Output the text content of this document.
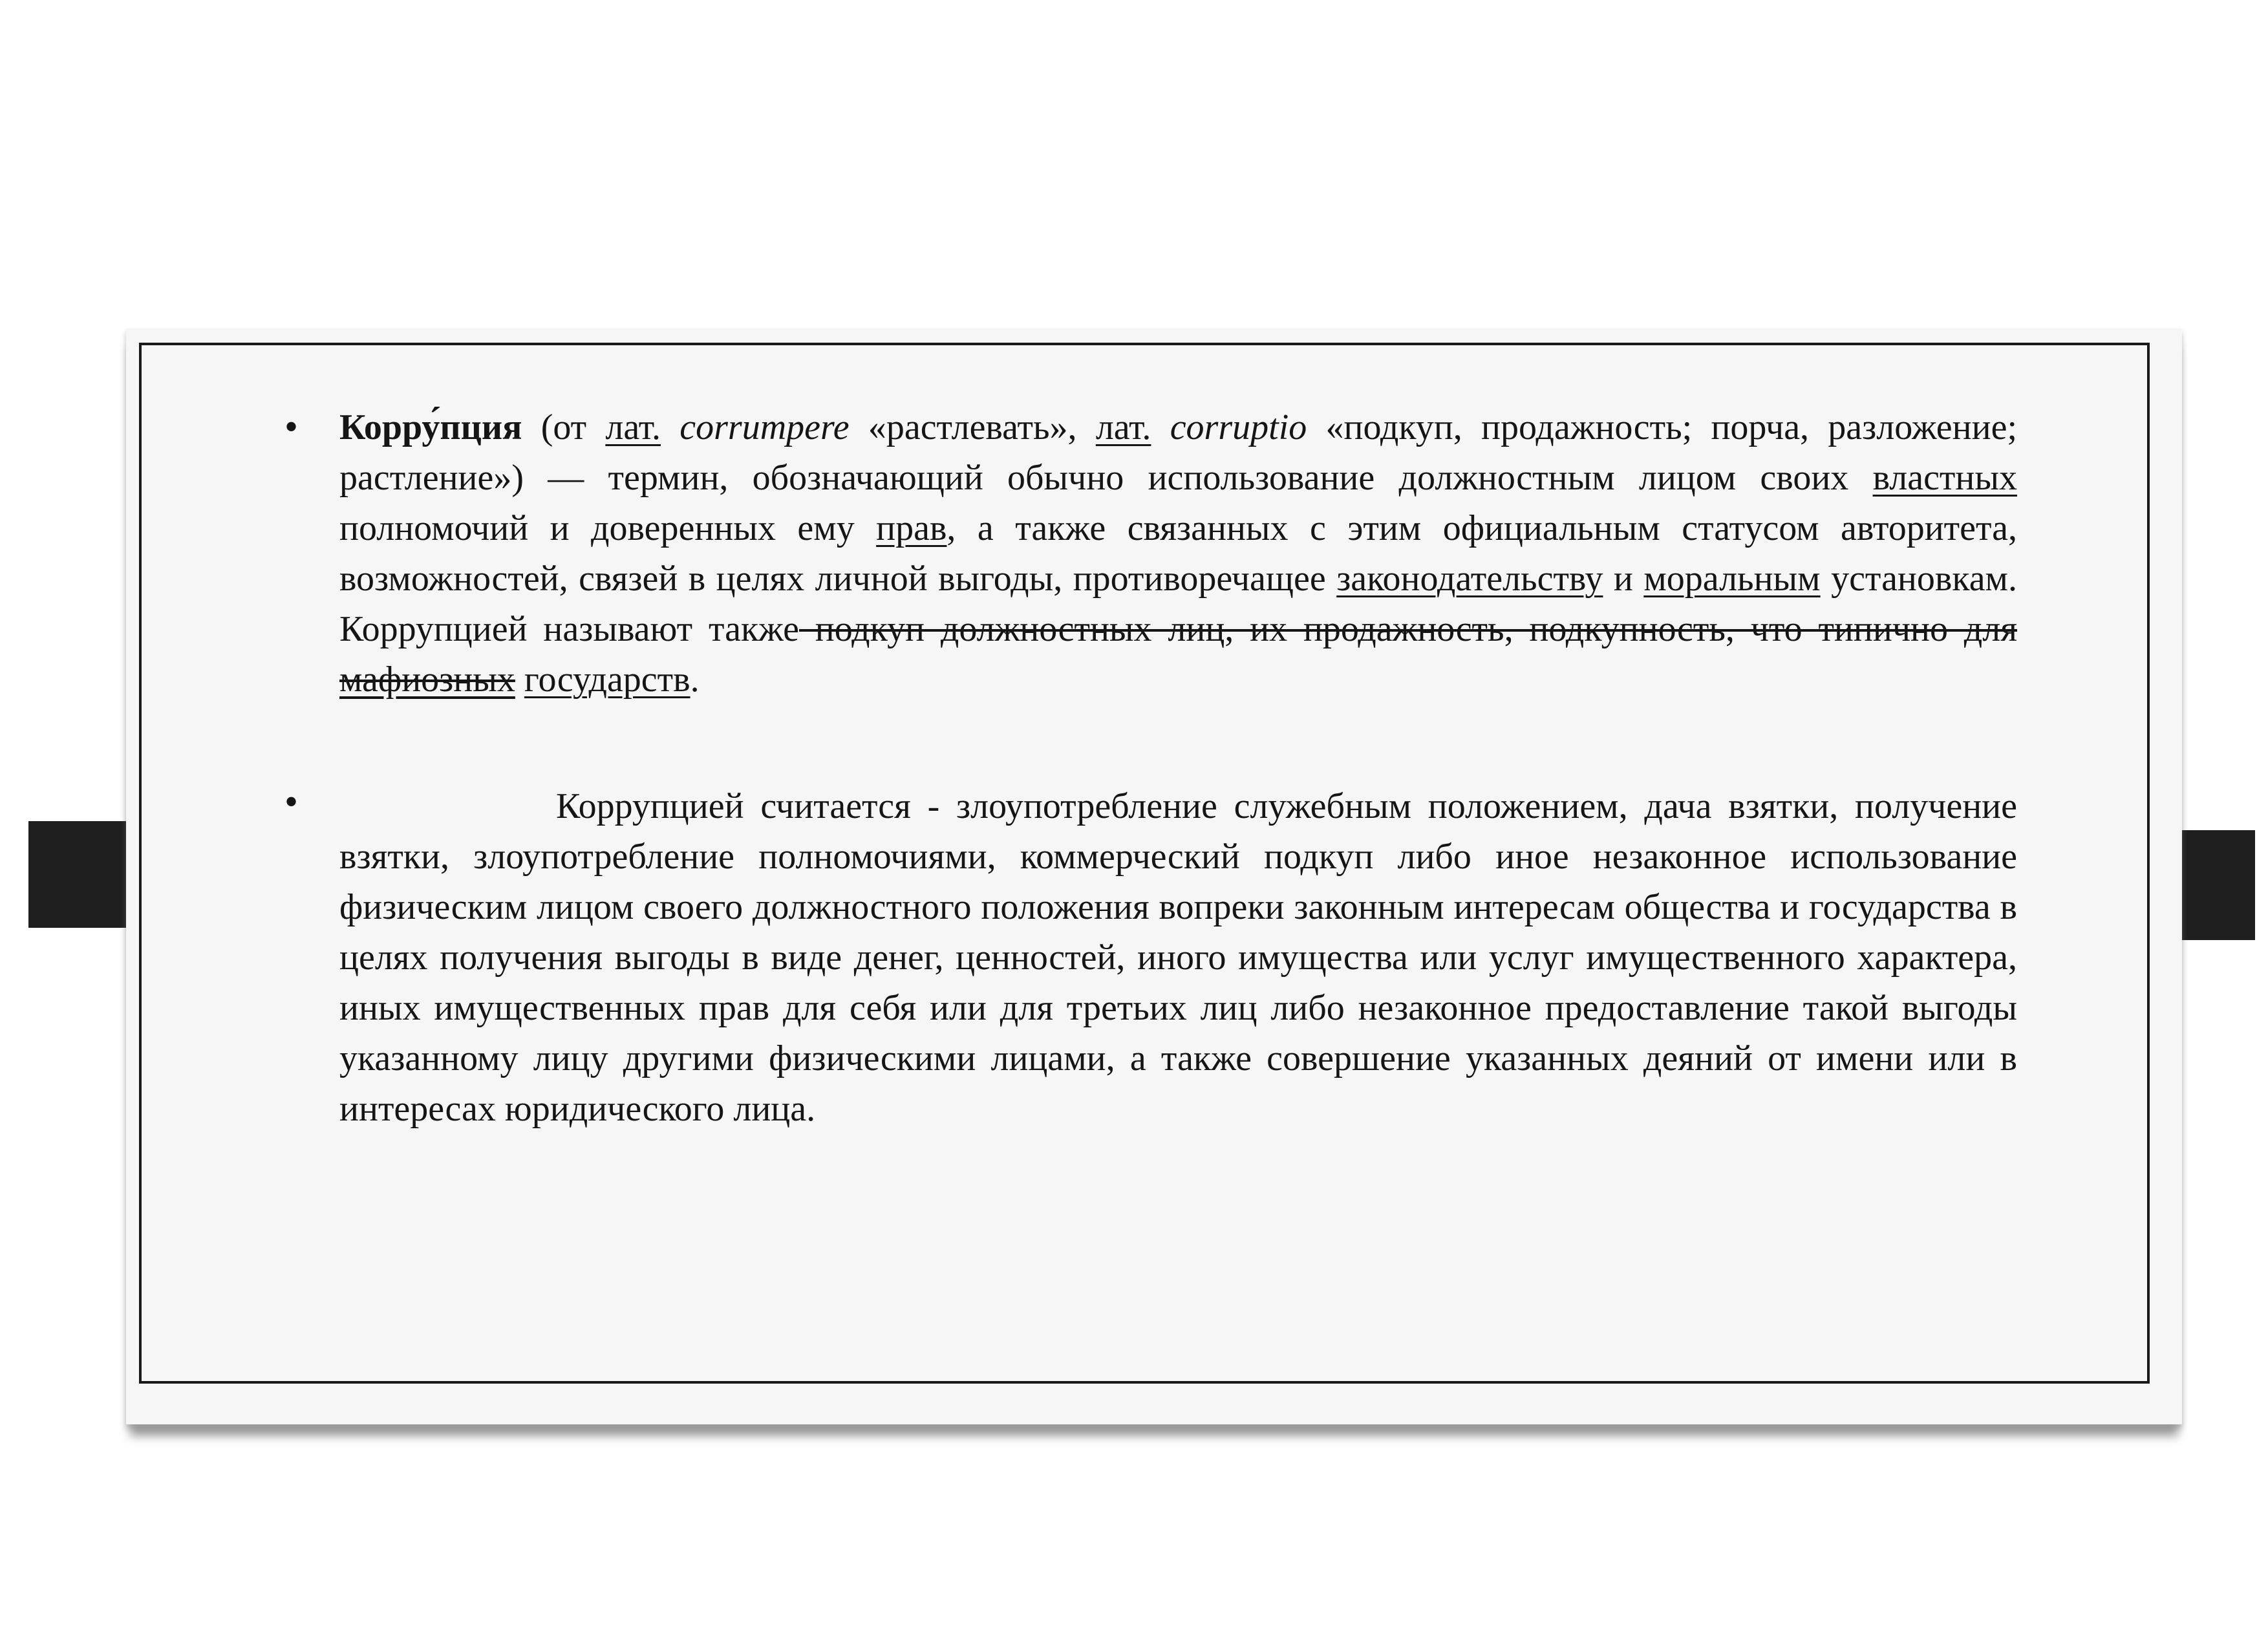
• Корру́пция (от лат. corrumpere «растлевать», лат. corruptio «подкуп, продажность; порча, разложение; растление») — термин, обозначающий обычно использование должностным лицом своих властных полномочий и доверенных ему прав, а также связанных с этим официальным статусом авторитета, возможностей, связей в целях личной выгоды, противоречащее законодательству и моральным установкам. Коррупцией называют также подкуп должностных лиц, их продажность, подкупность, что типично для мафиозных государств.

•	Коррупцией считается - злоупотребление служебным положением, дача взятки, получение взятки, злоупотребление полномочиями, коммерческий подкуп либо иное незаконное использование физическим лицом своего должностного положения вопреки законным интересам общества и государства в целях получения выгоды в виде денег, ценностей, иного имущества или услуг имущественного характера, иных имущественных прав для себя или для третьих лиц либо незаконное предоставление такой выгоды указанному лицу другими физическими лицами, а также совершение указанных деяний от имени или в интересах юридического лица.
